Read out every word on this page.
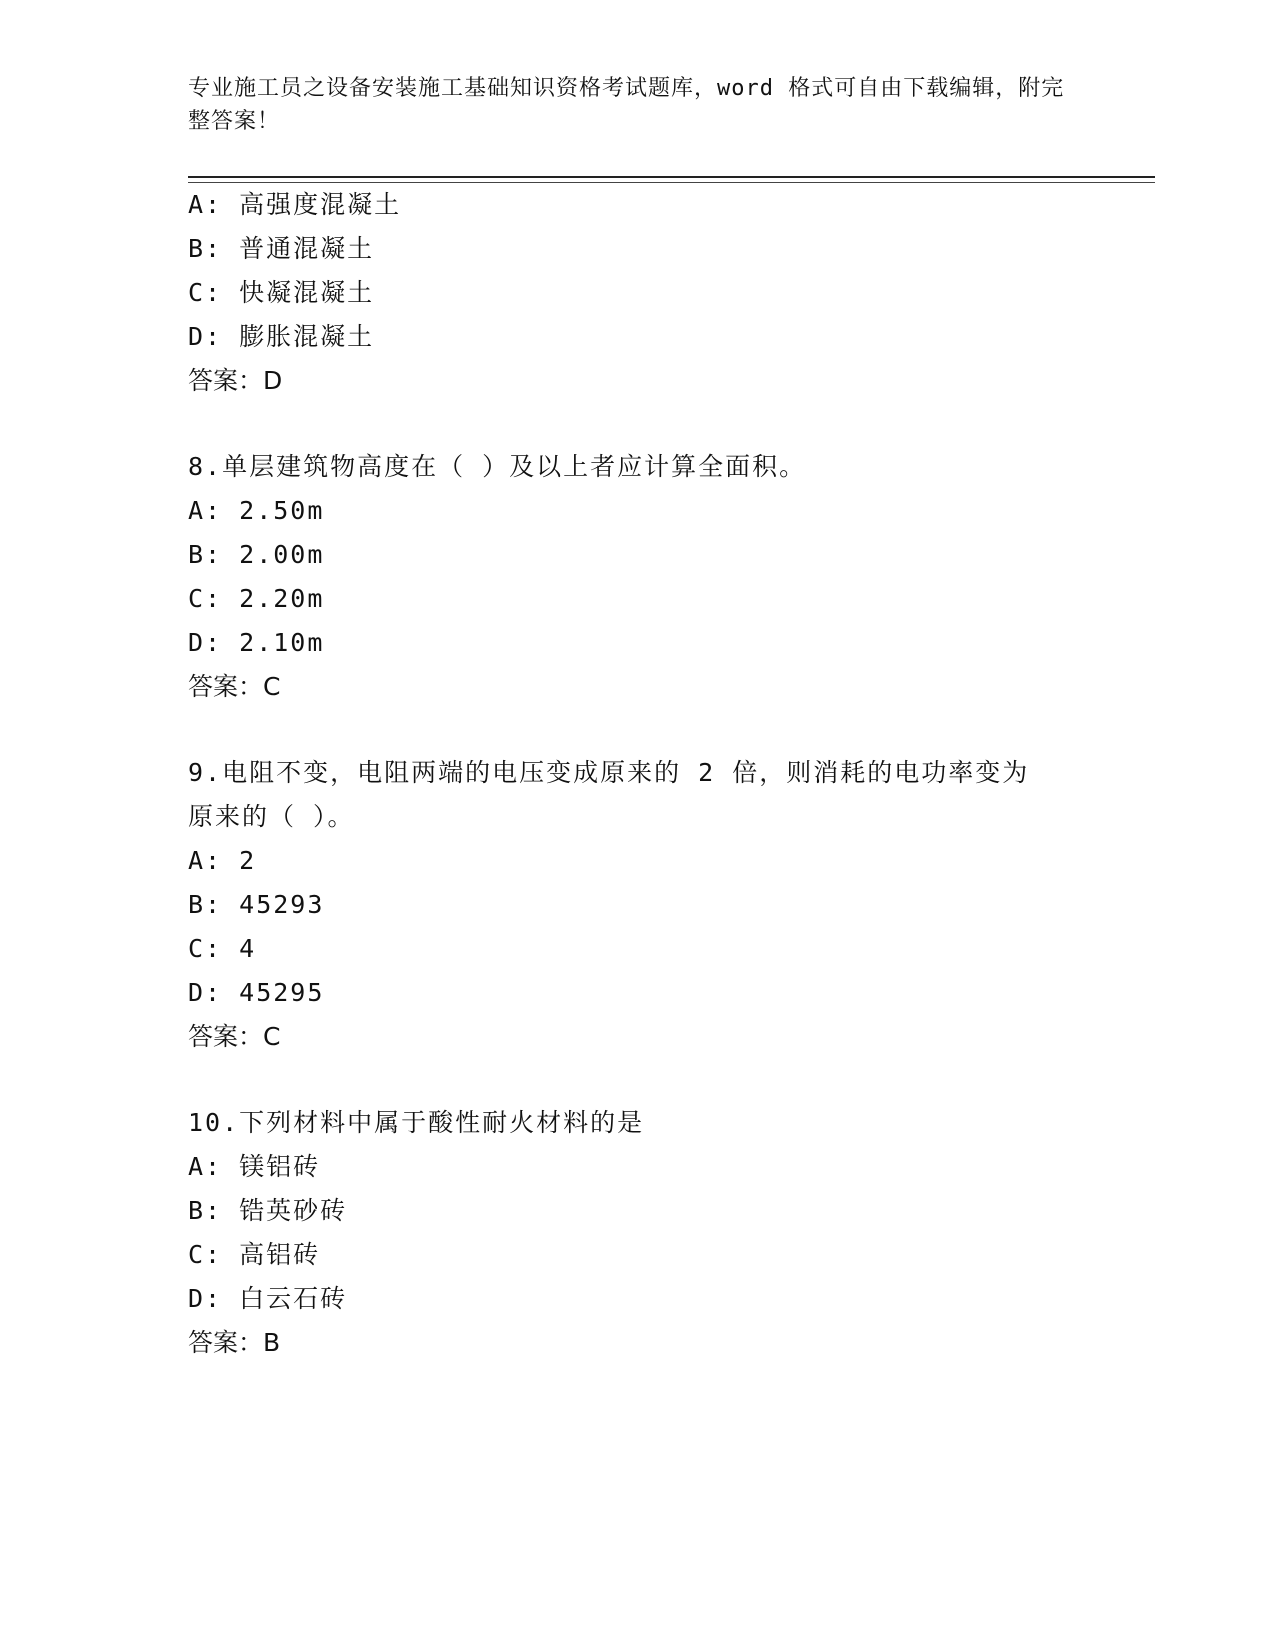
专业施工员之设备安装施工基础知识资格考试题库，word 格式可自由下载编辑，附完整答案！
A: 高强度混凝土
B: 普通混凝土
C: 快凝混凝土
D: 膨胀混凝土
答案：D
8.单层建筑物高度在（ ）及以上者应计算全面积。
A: 2.50m
B: 2.00m
C: 2.20m
D: 2.10m
答案：C
9.电阻不变，电阻两端的电压变成原来的 2 倍，则消耗的电功率变为
原来的（ ）。
A: 2
B: 45293
C: 4
D: 45295
答案：C
10.下列材料中属于酸性耐火材料的是
A: 镁铝砖
B: 锆英砂砖
C: 高铝砖
D: 白云石砖
答案：B
